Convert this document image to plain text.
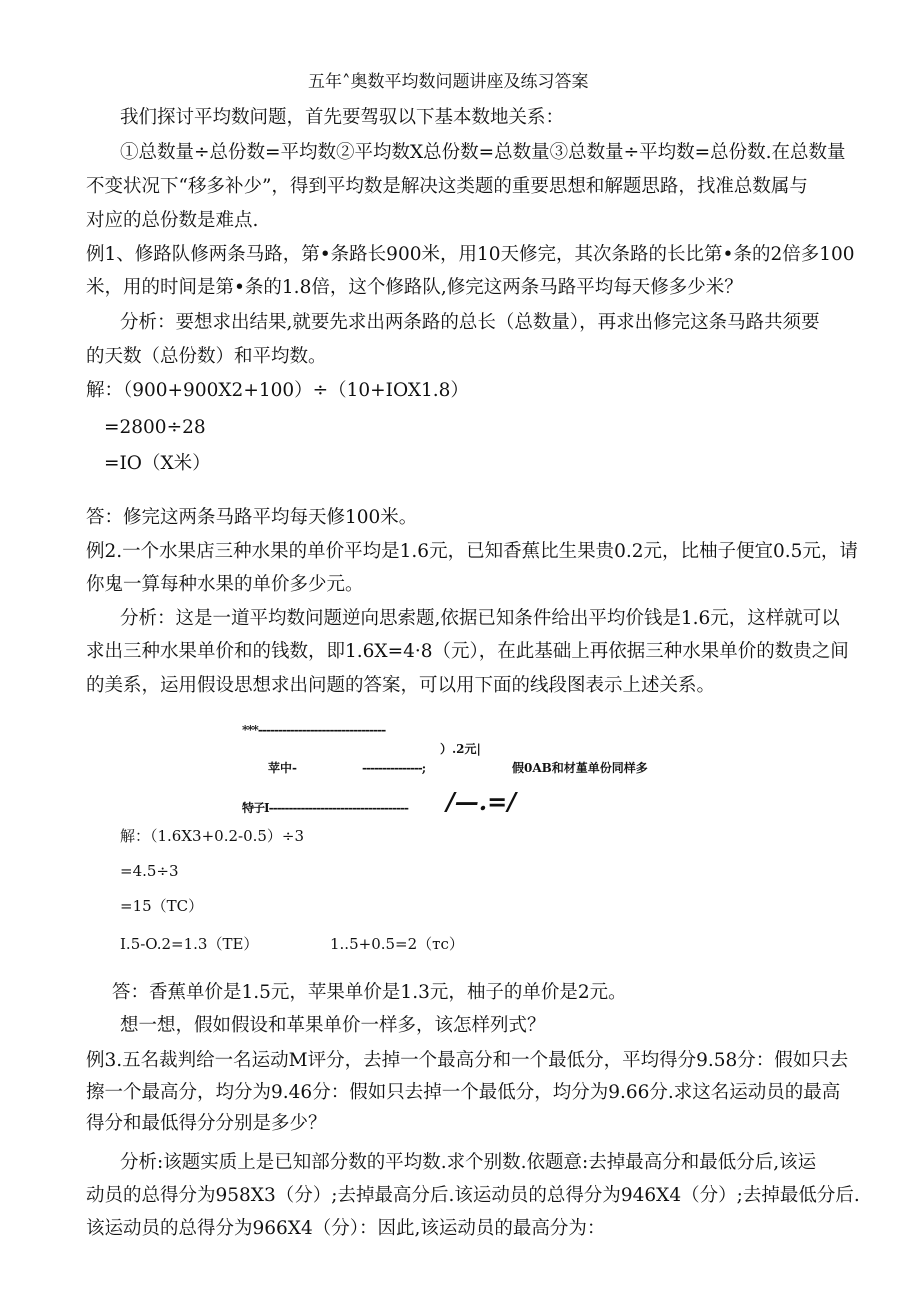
五年˄奥数平均数问题讲座及练习答案
我们探讨平均数问题，首先要驾驭以下基本数地关系：
①总数量÷总份数=平均数②平均数X总份数=总数量③总数量÷平均数=总份数.在总数量
不变状况下“移多补少”，得到平均数是解决这类题的重要思想和解题思路，找准总数属与
对应的总份数是难点.
例1、修路队修两条马路，第•条路长900米，用10天修完，其次条路的长比第•条的2倍多100
米，用的时间是第•条的1.8倍，这个修路队,修完这两条马路平均每天修多少米？
分析：要想求出结果,就要先求出两条路的总长（总数量），再求出修完这条马路共须要
的天数（总份数）和平均数。
解：（900+900X2+100）÷（10+IOX1.8）
=2800÷28
=IO（X米）
答：修完这两条马路平均每天修100米。
例2.一个水果店三种水果的单价平均是1.6元，已知香蕉比生果贵0.2元，比柚子便宜0.5元，请
你鬼一算每种水果的单价多少元。
分析：这是一道平均数问题逆向思索题,依据已知条件给出平均价钱是1.6元，这样就可以
求出三种水果单价和的钱数，即1.6X=4·8（元），在此基础上再依据三种水果单价的数贵之间
的美系，运用假设思想求出问题的答案，可以用下面的线段图表示上述关系。
***--------------------------------
）.2元|
苹中-	---------------;	假0AB和材堇单份同样多
特子I----------------------------------- /—.=/
解：（1.6X3+0.2-0.5）÷3
=4.5÷3
=15（TC）
I.5-O.2=1.3（TE）	1..5+0.5=2（тс）
答：香蕉单价是1.5元，苹果单价是1.3元，柚子的单价是2元。
想一想，假如假设和革果单价一样多，该怎样列式？
例3.五名裁判给一名运动M评分，去掉一个最高分和一个最低分，平均得分9.58分：假如只去
擦一个最高分，均分为9.46分：假如只去掉一个最低分，均分为9.66分.求这名运动员的最高
得分和最低得分分别是多少？
分析:该题实质上是已知部分数的平均数.求个别数.依题意:去掉最高分和最低分后,该运
动员的总得分为958X3（分）;去掉最高分后.该运动员的总得分为946X4（分）;去掉最低分后.
该运动员的总得分为966X4（分）：因此,该运动员的最高分为：
